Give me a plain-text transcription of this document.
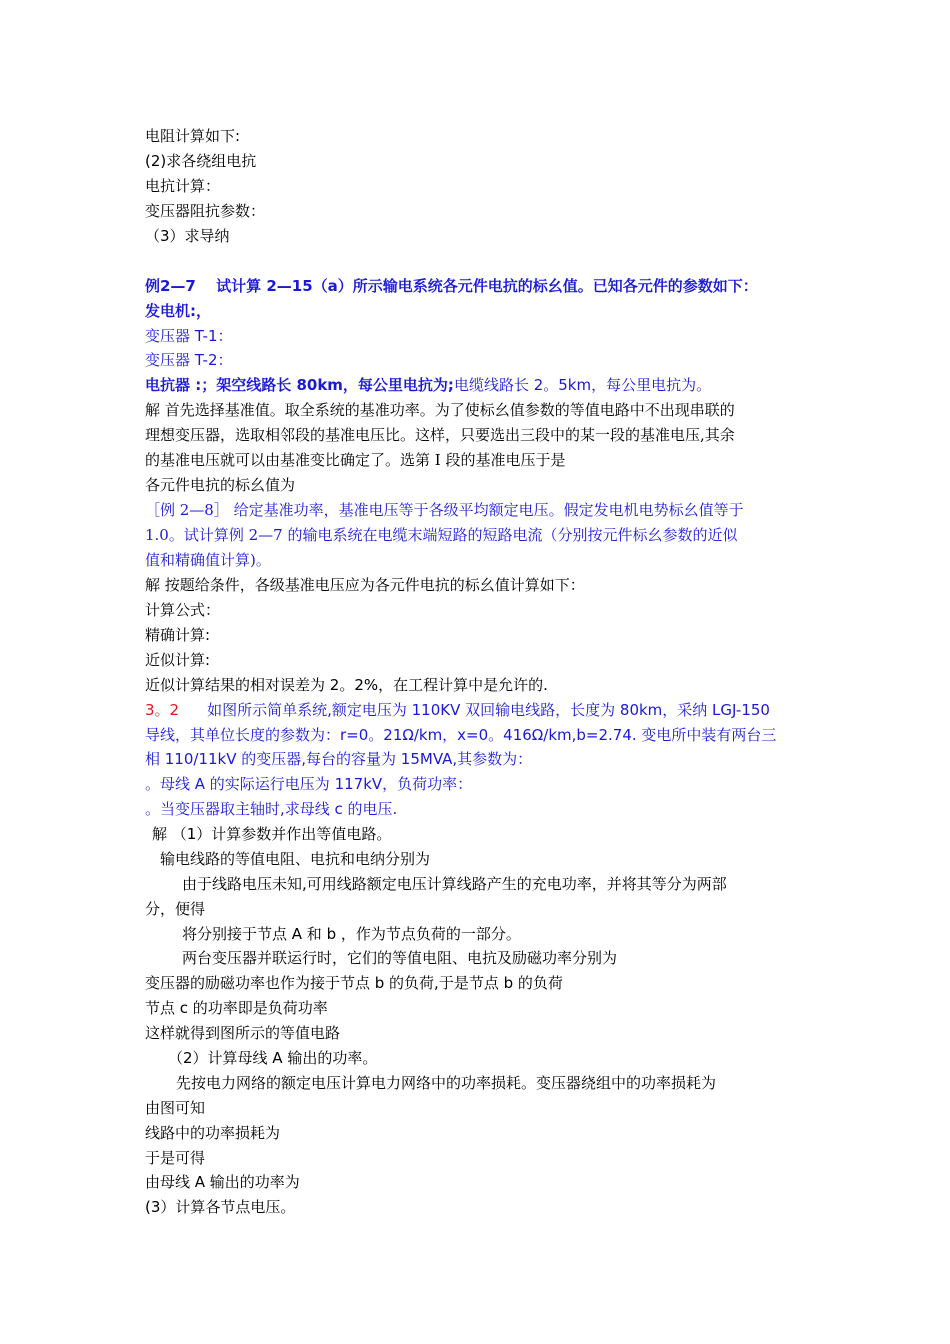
电阻计算如下:
(2)求各绕组电抗
电抗计算：
变压器阻抗参数：
（3）求导纳
例2—7　 试计算 2—15（a）所示输电系统各元件电抗的标幺值。已知各元件的参数如下：
发电机:，
变压器 T-1：
变压器 T-2：
电抗器 :；架空线路长 80km，每公里电抗为;电缆线路长 2。5km，每公里电抗为。
解 首先选择基准值。取全系统的基准功率。为了使标幺值参数的等值电路中不出现串联的
理想变压器，选取相邻段的基准电压比。这样，只要选出三段中的某一段的基准电压,其余
的基准电压就可以由基准变比确定了。选第 I 段的基准电压于是
各元件电抗的标幺值为
［例 2—8］ 给定基准功率，基准电压等于各级平均额定电压。假定发电机电势标幺值等于
1.0。试计算例 2—7 的输电系统在电缆末端短路的短路电流（分别按元件标幺参数的近似
值和精确值计算)。
解 按题给条件，各级基准电压应为各元件电抗的标幺值计算如下：
计算公式：
精确计算:
近似计算:
近似计算结果的相对误差为 2。2%，在工程计算中是允许的.
3。2 如图所示简单系统,额定电压为 110KV 双回输电线路，长度为 80km，采纳 LGJ-150
导线，其单位长度的参数为：r=0。21Ω/km，x=0。416Ω/km,b=2.74. 变电所中装有两台三
相 110/11kV 的变压器,每台的容量为 15MVA,其参数为：
。母线 A 的实际运行电压为 117kV，负荷功率：
。当变压器取主轴时,求母线 c 的电压.
解 （1）计算参数并作出等值电路。
输电线路的等值电阻、电抗和电纳分别为
由于线路电压未知,可用线路额定电压计算线路产生的充电功率，并将其等分为两部
分，便得
将分别接于节点 A 和 b ，作为节点负荷的一部分。
两台变压器并联运行时，它们的等值电阻、电抗及励磁功率分别为
变压器的励磁功率也作为接于节点 b 的负荷,于是节点 b 的负荷
节点 c 的功率即是负荷功率
这样就得到图所示的等值电路
（2）计算母线 A 输出的功率。
先按电力网络的额定电压计算电力网络中的功率损耗。变压器绕组中的功率损耗为
由图可知
线路中的功率损耗为
于是可得
由母线 A 输出的功率为
(3）计算各节点电压。
